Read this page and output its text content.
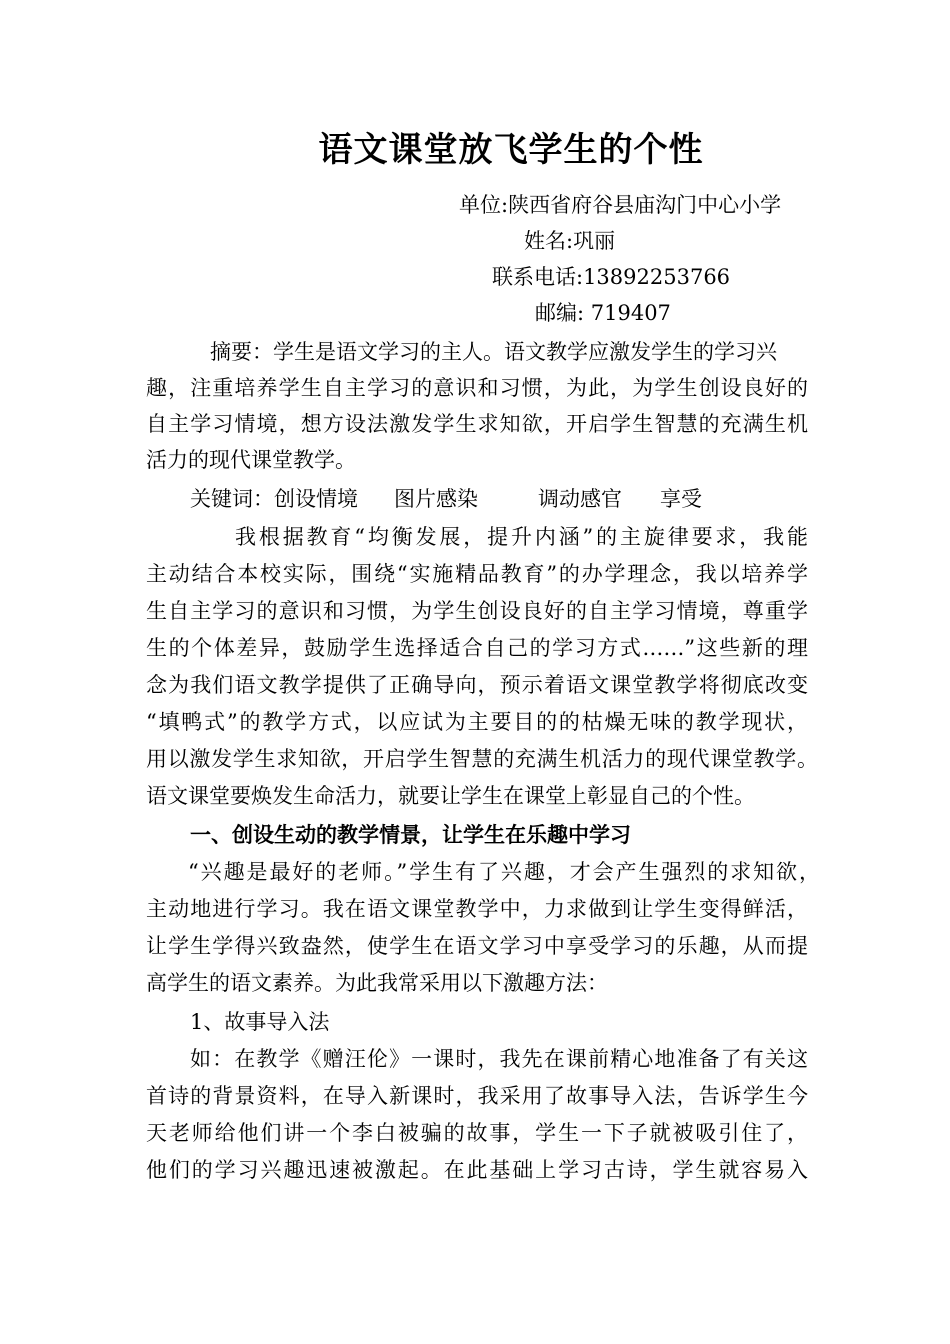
语文课堂放飞学生的个性
单位:陕西省府谷县庙沟门中心小学
姓名:巩丽
联系电话:13892253766
邮编: 719407
摘要：学生是语文学习的主人。语文教学应激发学生的学习兴
趣，注重培养学生自主学习的意识和习惯，为此，为学生创设良好的
自主学习情境，想方设法激发学生求知欲，开启学生智慧的充满生机
活力的现代课堂教学。
关键词：创设情境 图片感染	调动感官 享受
我根据教育“均衡发展，提升内涵”的主旋律要求，我能
主动结合本校实际，围绕“实施精品教育”的办学理念，我以培养学
生自主学习的意识和习惯，为学生创设良好的自主学习情境，尊重学
生的个体差异，鼓励学生选择适合自己的学习方式……”这些新的理
念为我们语文教学提供了正确导向，预示着语文课堂教学将彻底改变
“填鸭式”的教学方式，以应试为主要目的的枯燥无味的教学现状，
用以激发学生求知欲，开启学生智慧的充满生机活力的现代课堂教学。
语文课堂要焕发生命活力，就要让学生在课堂上彰显自己的个性。
一、创设生动的教学情景，让学生在乐趣中学习
“兴趣是最好的老师。”学生有了兴趣，才会产生强烈的求知欲，
主动地进行学习。我在语文课堂教学中，力求做到让学生变得鲜活，
让学生学得兴致盎然，使学生在语文学习中享受学习的乐趣，从而提
高学生的语文素养。为此我常采用以下激趣方法：
1、故事导入法
如：在教学《赠汪伦》一课时，我先在课前精心地准备了有关这
首诗的背景资料，在导入新课时，我采用了故事导入法，告诉学生今
天老师给他们讲一个李白被骗的故事，学生一下子就被吸引住了，
他们的学习兴趣迅速被激起。在此基础上学习古诗，学生就容易入
